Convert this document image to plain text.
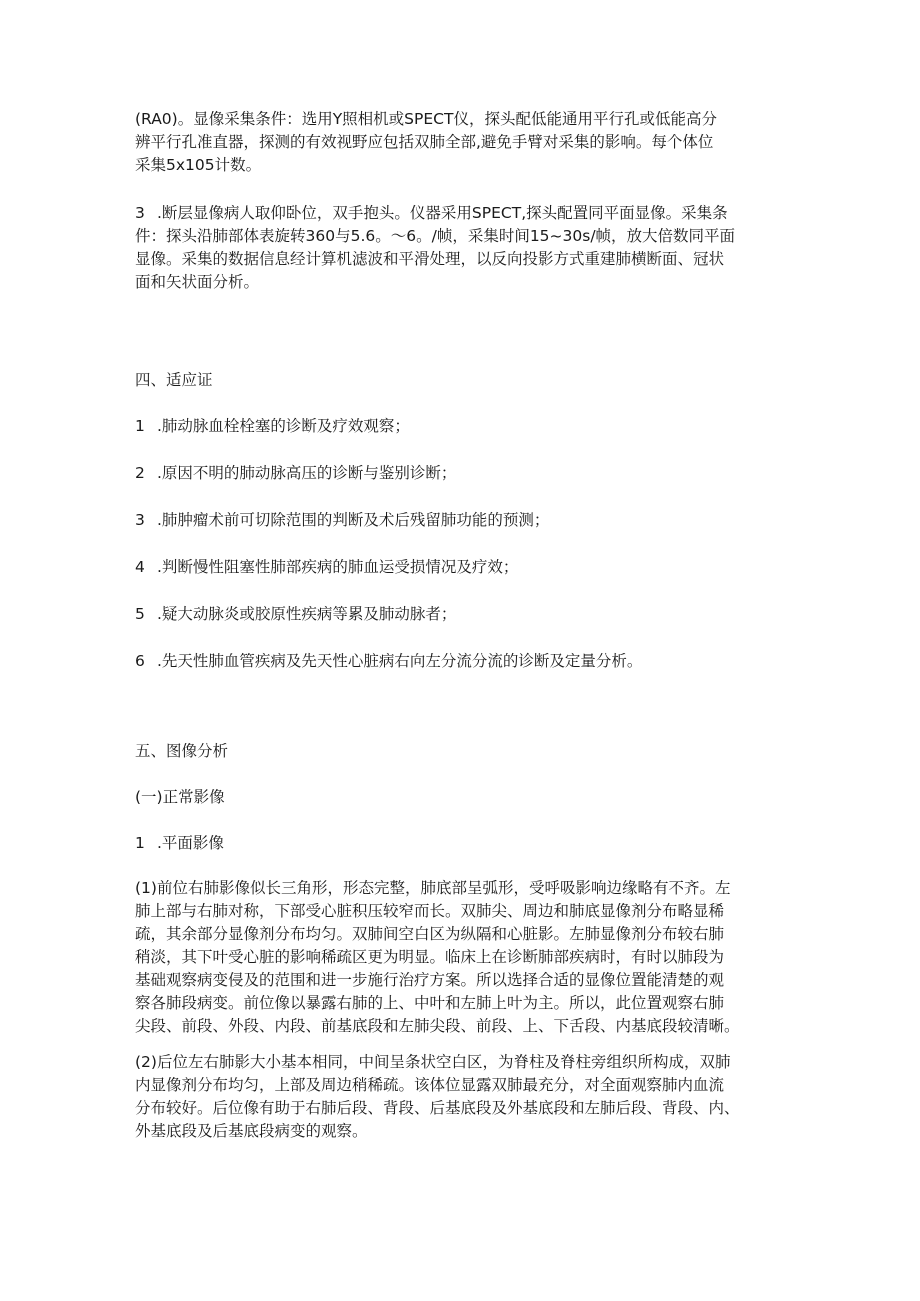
(RA0)。显像采集条件：选用Y照相机或SPECT仪，探头配低能通用平行孔或低能高分
辨平行孔准直器，探测的有效视野应包括双肺全部,避免手臂对采集的影响。每个体位
采集5x105计数。
3 .断层显像病人取仰卧位，双手抱头。仪器采用SPECT,探头配置同平面显像。采集条
件：探头沿肺部体表旋转360与5.6。～6。/帧，采集时间15~30s/帧，放大倍数同平面
显像。采集的数据信息经计算机滤波和平滑处理，以反向投影方式重建肺横断面、冠状
面和矢状面分析。
四、适应证
1 .肺动脉血栓栓塞的诊断及疗效观察；
2 .原因不明的肺动脉高压的诊断与鉴别诊断；
3 .肺肿瘤术前可切除范围的判断及术后残留肺功能的预测；
4 .判断慢性阻塞性肺部疾病的肺血运受损情况及疗效；
5 .疑大动脉炎或胶原性疾病等累及肺动脉者；
6 .先天性肺血管疾病及先天性心脏病右向左分流分流的诊断及定量分析。
五、图像分析
(一)正常影像
1 .平面影像
(1)前位右肺影像似长三角形，形态完整，肺底部呈弧形，受呼吸影响边缘略有不齐。左
肺上部与右肺对称，下部受心脏积压较窄而长。双肺尖、周边和肺底显像剂分布略显稀
疏，其余部分显像剂分布均匀。双肺间空白区为纵隔和心脏影。左肺显像剂分布较右肺
稍淡，其下叶受心脏的影响稀疏区更为明显。临床上在诊断肺部疾病时，有时以肺段为
基础观察病变侵及的范围和进一步施行治疗方案。所以选择合适的显像位置能清楚的观
察各肺段病变。前位像以暴露右肺的上、中叶和左肺上叶为主。所以，此位置观察右肺
尖段、前段、外段、内段、前基底段和左肺尖段、前段、上、下舌段、内基底段较清晰。
(2)后位左右肺影大小基本相同，中间呈条状空白区，为脊柱及脊柱旁组织所构成，双肺
内显像剂分布均匀，上部及周边稍稀疏。该体位显露双肺最充分，对全面观察肺内血流
分布较好。后位像有助于右肺后段、背段、后基底段及外基底段和左肺后段、背段、内、
外基底段及后基底段病变的观察。
